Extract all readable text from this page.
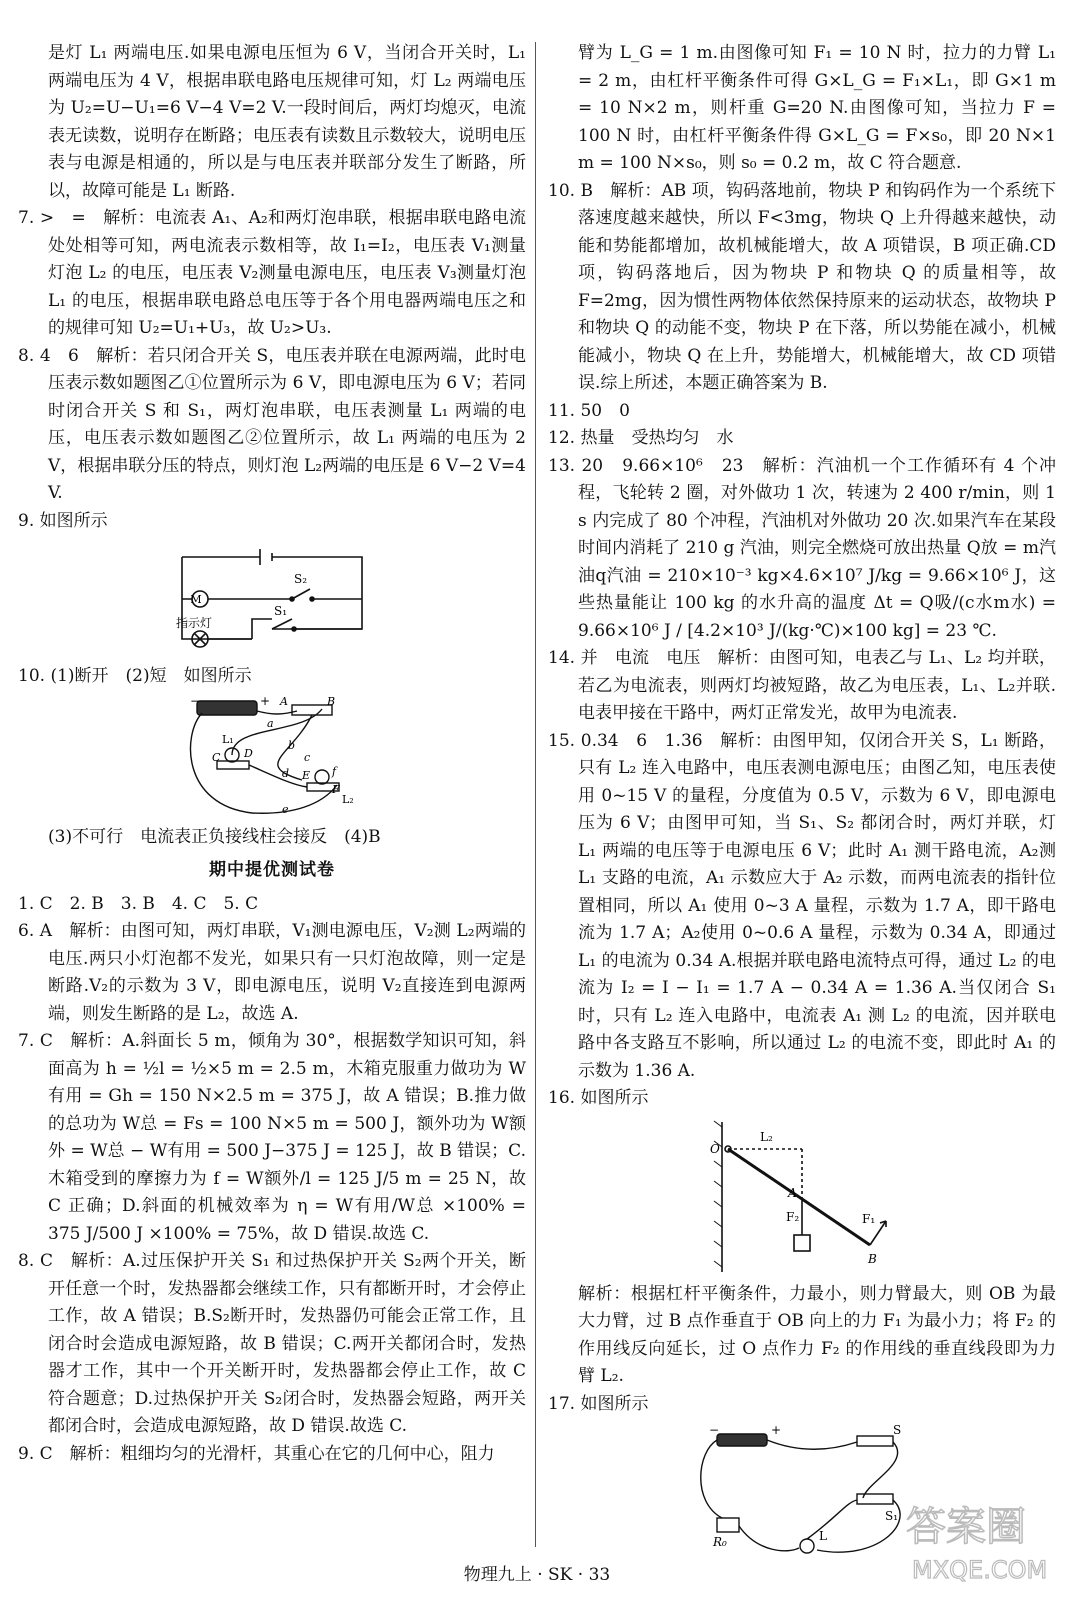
是灯 L₁ 两端电压.如果电源电压恒为 6 V，当闭合开关时，L₁ 两端电压为 4 V，根据串联电路电压规律可知，灯 L₂ 两端电压为 U₂=U−U₁=6 V−4 V=2 V.一段时间后，两灯均熄灭，电流表无读数，说明存在断路；电压表有读数且示数较大，说明电压表与电源是相通的，所以是与电压表并联部分发生了断路，所以，故障可能是 L₁ 断路.

7. >　=　解析：电流表 A₁、A₂和两灯泡串联，根据串联电路电流处处相等可知，两电流表示数相等，故 I₁=I₂，电压表 V₁测量灯泡 L₂ 的电压，电压表 V₂测量电源电压，电压表 V₃测量灯泡 L₁ 的电压，根据串联电路总电压等于各个用电器两端电压之和的规律可知 U₂=U₁+U₃，故 U₂>U₃.

8. 4　6　解析：若只闭合开关 S，电压表并联在电源两端，此时电压表示数如题图乙①位置所示为 6 V，即电源电压为 6 V；若同时闭合开关 S 和 S₁，两灯泡串联，电压表测量 L₁ 两端的电压，电压表示数如题图乙②位置所示，故 L₁ 两端的电压为 2 V，根据串联分压的特点，则灯泡 L₂两端的电压是 6 V−2 V=4 V.

9. 如图所示

M
S₂
S₁
指示灯

10. (1)断开　(2)短　如图所示

−	+ A	B
a
b
c
d
e
f
L₁
C D
E
F
L₂

(3)不可行　电流表正负接线柱会接反　(4)B

期中提优测试卷

1. C　2. B　3. B　4. C　5. C

6. A　解析：由图可知，两灯串联，V₁测电源电压，V₂测 L₂两端的电压.两只小灯泡都不发光，如果只有一只灯泡故障，则一定是断路.V₂的示数为 3 V，即电源电压，说明 V₂直接连到电源两端，则发生断路的是 L₂，故选 A.

7. C　解析：A.斜面长 5 m，倾角为 30°，根据数学知识可知，斜面高为 h = ½l = ½×5 m = 2.5 m，木箱克服重力做功为 W有用 = Gh = 150 N×2.5 m = 375 J，故 A 错误；B.推力做的总功为 W总 = Fs = 100 N×5 m = 500 J，额外功为 W额外 = W总 − W有用 = 500 J−375 J = 125 J，故 B 错误；C.木箱受到的摩擦力为 f = W额外/l = 125 J/5 m = 25 N，故 C 正确；D.斜面的机械效率为 η = W有用/W总 ×100% = 375 J/500 J ×100% = 75%，故 D 错误.故选 C.

8. C　解析：A.过压保护开关 S₁ 和过热保护开关 S₂两个开关，断开任意一个时，发热器都会继续工作，只有都断开时，才会停止工作，故 A 错误；B.S₂断开时，发热器仍可能会正常工作，且闭合时会造成电源短路，故 B 错误；C.两开关都闭合时，发热器才工作，其中一个开关断开时，发热器都会停止工作，故 C 符合题意；D.过热保护开关 S₂闭合时，发热器会短路，两开关都闭合时，会造成电源短路，故 D 错误.故选 C.

9. C　解析：粗细均匀的光滑杆，其重心在它的几何中心，阻力

臂为 L_G = 1 m.由图像可知 F₁ = 10 N 时，拉力的力臂 L₁ = 2 m，由杠杆平衡条件可得 G×L_G = F₁×L₁，即 G×1 m = 10 N×2 m，则杆重 G=20 N.由图像可知，当拉力 F = 100 N 时，由杠杆平衡条件得 G×L_G = F×s₀，即 20 N×1 m = 100 N×s₀，则 s₀ = 0.2 m，故 C 符合题意.

10. B　解析：AB 项，钩码落地前，物块 P 和钩码作为一个系统下落速度越来越快，所以 F<3mg，物块 Q 上升得越来越快，动能和势能都增加，故机械能增大，故 A 项错误，B 项正确.CD 项，钩码落地后，因为物块 P 和物块 Q 的质量相等，故 F=2mg，因为惯性两物体依然保持原来的运动状态，故物块 P 和物块 Q 的动能不变，物块 P 在下落，所以势能在减小，机械能减小，物块 Q 在上升，势能增大，机械能增大，故 CD 项错误.综上所述，本题正确答案为 B.

11. 50　0

12. 热量　受热均匀　水

13. 20　9.66×10⁶　23　解析：汽油机一个工作循环有 4 个冲程，飞轮转 2 圈，对外做功 1 次，转速为 2 400 r/min，则 1 s 内完成了 80 个冲程，汽油机对外做功 20 次.如果汽车在某段时间内消耗了 210 g 汽油，则完全燃烧可放出热量 Q放 = m汽油q汽油 = 210×10⁻³ kg×4.6×10⁷ J/kg = 9.66×10⁶ J，这些热量能让 100 kg 的水升高的温度 Δt = Q吸/(c水m水) = 9.66×10⁶ J / [4.2×10³ J/(kg·℃)×100 kg] = 23 ℃.

14. 并　电流　电压　解析：由图可知，电表乙与 L₁、L₂ 均并联，若乙为电流表，则两灯均被短路，故乙为电压表，L₁、L₂并联.电表甲接在干路中，两灯正常发光，故甲为电流表.

15. 0.34　6　1.36　解析：由图甲知，仅闭合开关 S，L₁ 断路，只有 L₂ 连入电路中，电压表测电源电压；由图乙知，电压表使用 0~15 V 的量程，分度值为 0.5 V，示数为 6 V，即电源电压为 6 V；由图甲可知，当 S₁、S₂ 都闭合时，两灯并联，灯 L₁ 两端的电压等于电源电压 6 V；此时 A₁ 测干路电流，A₂测 L₁ 支路的电流，A₁ 示数应大于 A₂ 示数，而两电流表的指针位置相同，所以 A₁ 使用 0~3 A 量程，示数为 1.7 A，即干路电流为 1.7 A；A₂使用 0~0.6 A 量程，示数为 0.34 A，即通过 L₁ 的电流为 0.34 A.根据并联电路电流特点可得，通过 L₂ 的电流为 I₂ = I − I₁ = 1.7 A − 0.34 A = 1.36 A.当仅闭合 S₁ 时，只有 L₂ 连入电路中，电流表 A₁ 测 L₂ 的电流，因并联电路中各支路互不影响，所以通过 L₂ 的电流不变，即此时 A₁ 的示数为 1.36 A.

16. 如图所示

O
L₂
A
F₂	F₁
B

解析：根据杠杆平衡条件，力最小，则力臂最大，则 OB 为最大力臂，过 B 点作垂直于 OB 向上的力 F₁ 为最小力；将 F₂ 的作用线反向延长，过 O 点作力 F₂ 的作用线的垂直线段即为力臂 L₂.

17. 如图所示

−	+	S
S₁
R₀	L
物理九上 · SK · 33
答案圈
MXQE.COM
